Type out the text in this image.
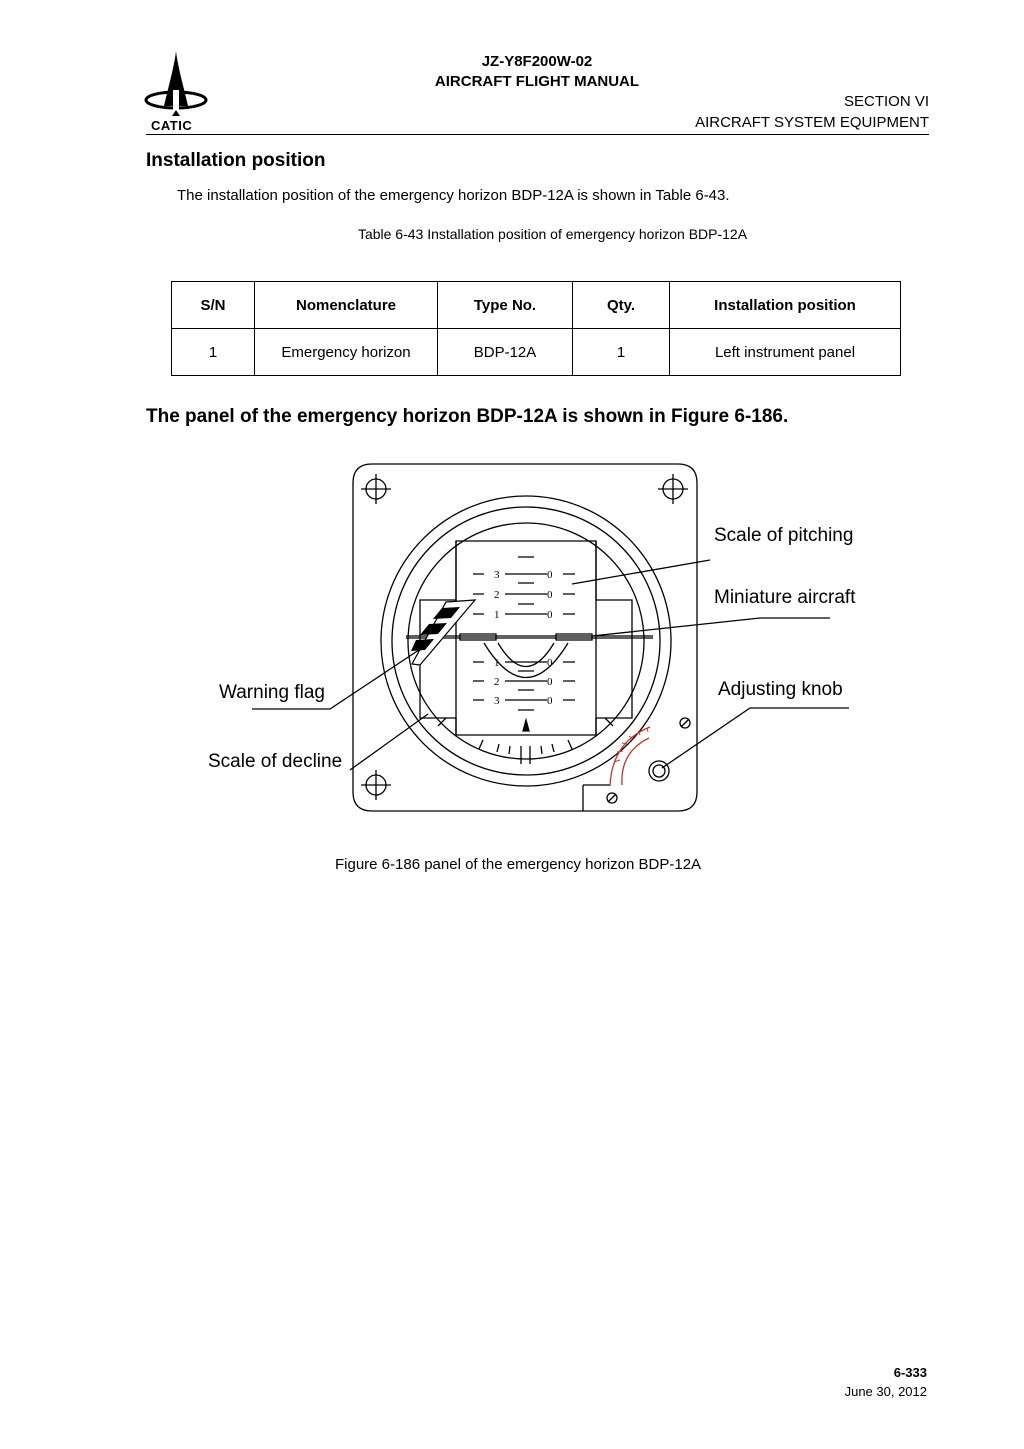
CATIC
JZ-Y8F200W-02
AIRCRAFT FLIGHT MANUAL
SECTION VI
AIRCRAFT SYSTEM EQUIPMENT
Installation position
The installation position of the emergency horizon BDP-12A is shown in Table 6-43.
Table 6-43 Installation position of emergency horizon BDP-12A
S/N	Nomenclature	Type No.	Qty.	Installation position
1	Emergency horizon	BDP-12A	1	Left instrument panel
The panel of the emergency horizon BDP-12A is shown in Figure 6-186.
3
2
1
1
2
3
0
0
0
0
0
0
Scale of pitching
Miniature aircraft
Adjusting knob
Warning flag
Scale of decline
Figure 6-186 panel of the emergency horizon BDP-12A
6-333
June 30, 2012
